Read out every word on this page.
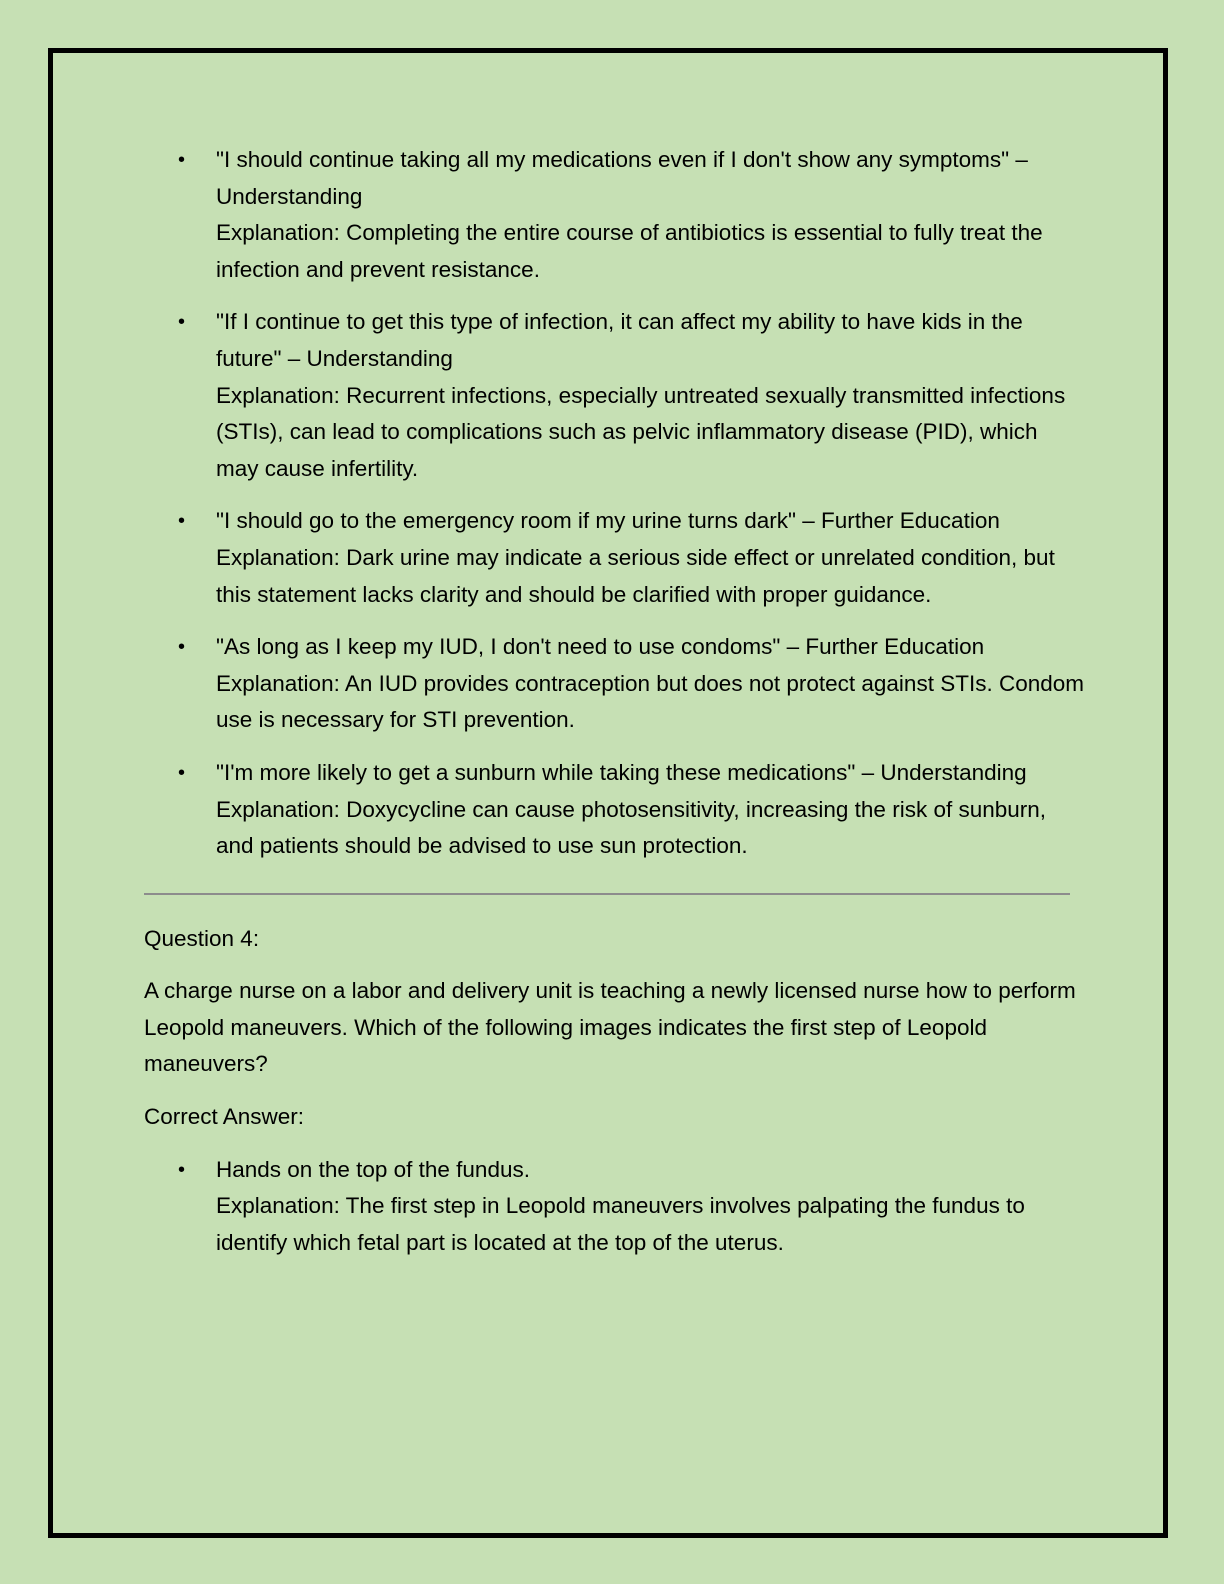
• "I should continue taking all my medications even if I don't show any symptoms" – Understanding
Explanation: Completing the entire course of antibiotics is essential to fully treat the infection and prevent resistance.
• "If I continue to get this type of infection, it can affect my ability to have kids in the future" – Understanding
Explanation: Recurrent infections, especially untreated sexually transmitted infections (STIs), can lead to complications such as pelvic inflammatory disease (PID), which may cause infertility.
• "I should go to the emergency room if my urine turns dark" – Further Education
Explanation: Dark urine may indicate a serious side effect or unrelated condition, but this statement lacks clarity and should be clarified with proper guidance.
• "As long as I keep my IUD, I don't need to use condoms" – Further Education
Explanation: An IUD provides contraception but does not protect against STIs. Condom use is necessary for STI prevention.
• "I'm more likely to get a sunburn while taking these medications" – Understanding
Explanation: Doxycycline can cause photosensitivity, increasing the risk of sunburn, and patients should be advised to use sun protection.

Question 4:

A charge nurse on a labor and delivery unit is teaching a newly licensed nurse how to perform Leopold maneuvers. Which of the following images indicates the first step of Leopold maneuvers?

Correct Answer:

• Hands on the top of the fundus.
Explanation: The first step in Leopold maneuvers involves palpating the fundus to identify which fetal part is located at the top of the uterus.
